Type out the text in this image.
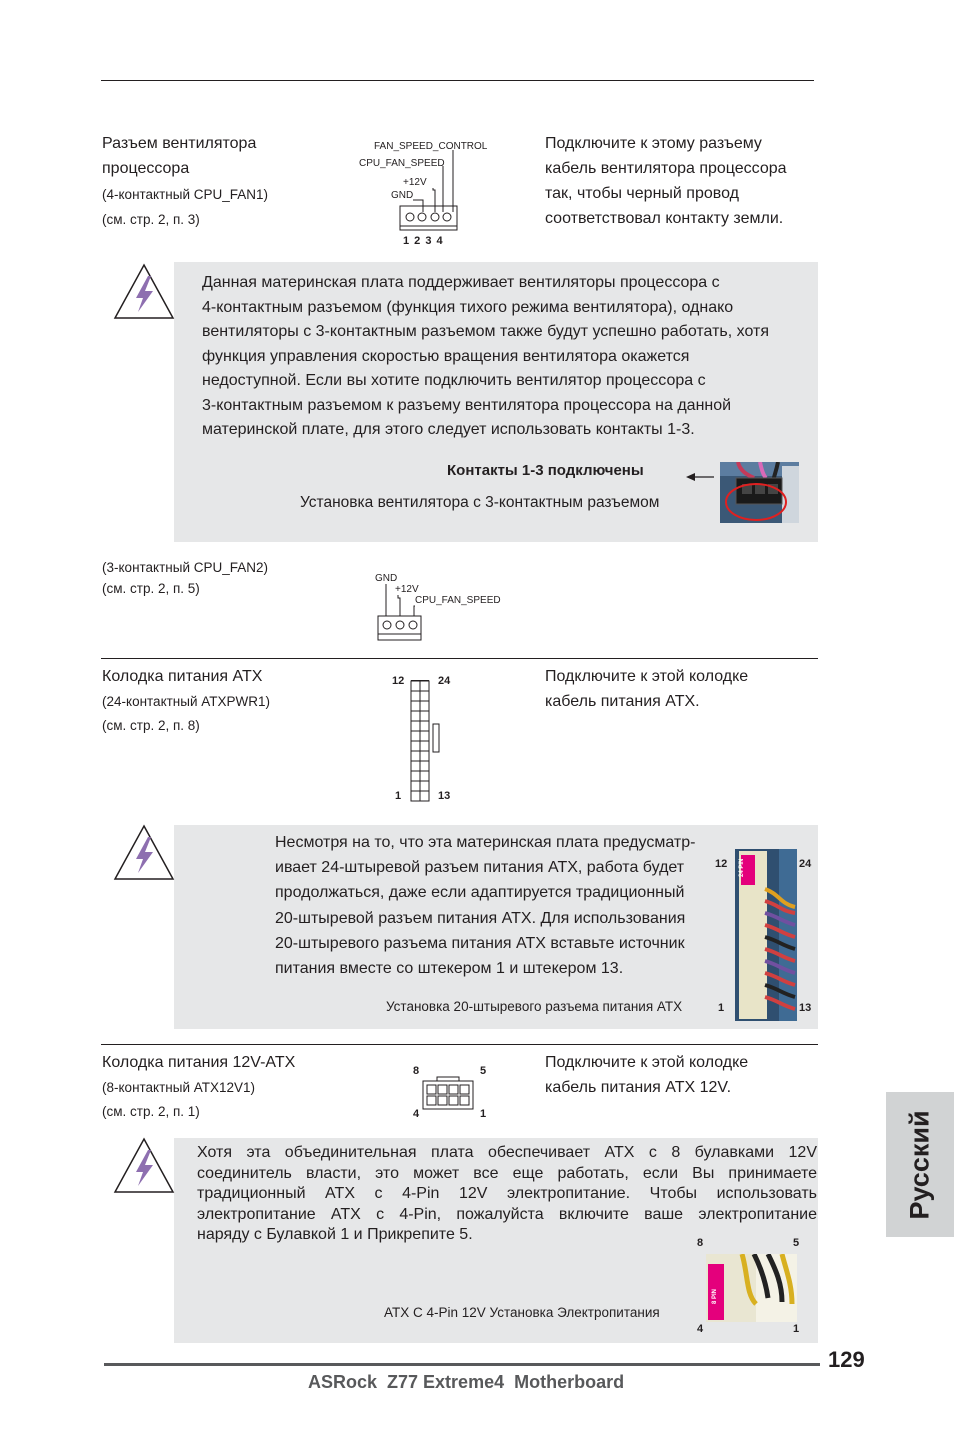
Разъем вентилятора
процессора
(4-контактный CPU_FAN1)
(см. стр. 2, п. 3)
FAN_SPEED_CONTROL
CPU_FAN_SPEED
+12V
GND
1 2 3 4
Подключите к этому разъему
кабель вентилятора процессора
так, чтобы черный провод
соответствовал контакту земли.
Данная материнская плата поддерживает вентиляторы процессора с
4-контактным разъемом (функция тихого режима вентилятора), однако
вентиляторы с 3-контактным разъемом также будут успешно работать, хотя
функция управления скоростью вращения вентилятора окажется
недоступной. Если вы хотите подключить вентилятор процессора с
3-контактным разъемом к разъему вентилятора процессора на данной
материнской плате, для этого следует использовать контакты 1-3.
Контакты 1-3 подключены
Установка вентилятора с 3-контактным разъемом
(3-контактный CPU_FAN2)
(см. стр. 2, п. 5)
GND
+12V
CPU_FAN_SPEED
Колодка питания ATX
(24-контактный ATXPWR1)
(см. стр. 2, п. 8)
12	24
1	13
Подключите к этой колодке
кабель питания ATX.
Несмотря на то, что эта материнская плата предусматр-
ивает 24-штыревой разъем питания ATX, работа будет
продолжаться, даже если адаптируется традиционный
20-штыревой разъем питания ATX. Для использования
20-штыревого разъема питания ATX вставьте источник
питания вместе со штекером 1 и штекером 13.
Установка 20-штыревого разъема питания ATX
12	24
1	13
24 PIN
Колодка питания 12V-ATX
(8-контактный ATX12V1)
(см. стр. 2, п. 1)
8	5
4	1
Подключите к этой колодке
кабель питания ATX 12V.
Хотя эта объединительная плата обеспечивает ATX с 8 булавками 12V
соединитель власти, это может все еще работать, если Вы принимаете
традиционный ATX с 4-Pin 12V электропитание. Чтобы использовать
электропитание ATX с 4-Pin, пожалуйста включите ваше электропитание
наряду с Булавкой 1 и Прикрепите 5.
ATX С 4-Pin 12V Установка Электропитания
8	5
4	1
8 PIN
Русский
129
ASRock  Z77 Extreme4  Motherboard
